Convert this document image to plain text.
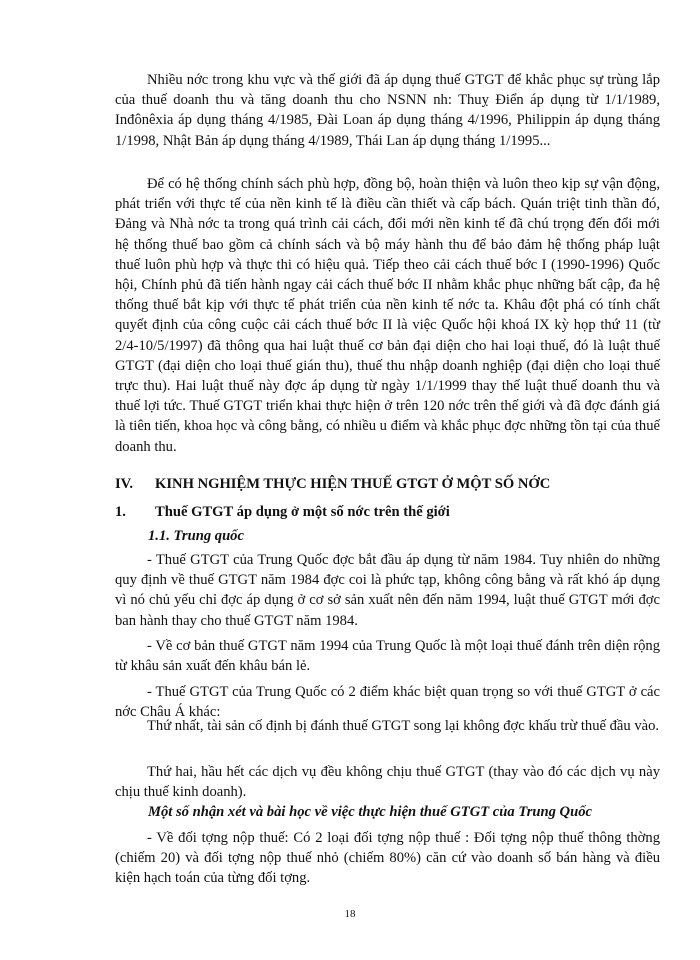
Nhiều nớc trong khu vực và thế giới đã áp dụng thuế GTGT để khắc phục sự trùng lắp của thuế doanh thu và tăng doanh thu cho NSNN nh: Thuỵ Điển áp dụng từ 1/1/1989, Inđônêxia áp dụng tháng 4/1985, Đài Loan áp dụng tháng 4/1996, Philippin áp dụng tháng 1/1998, Nhật Bản áp dụng tháng 4/1989, Thái Lan áp dụng tháng 1/1995...

Để có hệ thống chính sách phù hợp, đồng bộ, hoàn thiện và luôn theo kịp sự vận động, phát triển với thực tế của nền kinh tế là điều cần thiết và cấp bách. Quán triệt tinh thần đó, Đảng và Nhà nớc ta trong quá trình cải cách, đổi mới nền kinh tế đã chú trọng đến đổi mới hệ thống thuế bao gồm cả chính sách và bộ máy hành thu để bảo đảm hệ thống pháp luật thuế luôn phù hợp và thực thi có hiệu quả. Tiếp theo cải cách thuế bớc I (1990-1996) Quốc hội, Chính phủ đã tiến hành ngay cải cách thuế bớc II nhằm khắc phục những bất cập, đa hệ thống thuế bắt kịp với thực tế phát triển của nền kinh tế nớc ta. Khâu đột phá có tính chất quyết định của công cuộc cải cách thuế bớc II là việc Quốc hội khoá IX kỳ họp thứ 11 (từ 2/4-10/5/1997) đã thông qua hai luật thuế cơ bản đại diện cho hai loại thuế, đó là luật thuế GTGT (đại diện cho loại thuế gián thu), thuế thu nhập doanh nghiệp (đại diện cho loại thuế trực thu). Hai luật thuế này đợc áp dụng từ ngày 1/1/1999 thay thế luật thuế doanh thu và thuế lợi tức. Thuế GTGT triển khai thực hiện ở trên 120 nớc trên thế giới và đã đợc đánh giá là tiên tiến, khoa học và công bằng, có nhiều u điểm và khắc phục đợc những tồn tại của thuế doanh thu.

IV. KINH NGHIỆM THỰC HIỆN THUẾ GTGT Ở MỘT SỐ NỚC

1. Thuế GTGT áp dụng ở một số nớc trên thế giới

1.1. Trung quốc

- Thuế GTGT của Trung Quốc đợc bắt đầu áp dụng từ năm 1984. Tuy nhiên do những quy định về thuế GTGT năm 1984 đợc coi là phức tạp, không công bằng và rất khó áp dụng vì nó chủ yếu chỉ đợc áp dụng ở cơ sở sản xuất nên đến năm 1994, luật thuế GTGT mới đợc ban hành thay cho thuế GTGT năm 1984.

- Về cơ bản thuế GTGT năm 1994 của Trung Quốc là một loại thuế đánh trên diện rộng từ khâu sản xuất đến khâu bán lẻ.

- Thuế GTGT của Trung Quốc có 2 điểm khác biệt quan trọng so với thuế GTGT ở các nớc Châu Á khác:

Thứ nhất, tài sản cố định bị đánh thuế GTGT song lại không đợc khấu trừ thuế đầu vào.

Thứ hai, hầu hết các dịch vụ đều không chịu thuế GTGT (thay vào đó các dịch vụ này chịu thuế kinh doanh).

Một số nhận xét và bài học về việc thực hiện thuế GTGT của Trung Quốc

- Về đối tợng nộp thuế: Có 2 loại đối tợng nộp thuế : Đối tợng nộp thuế thông thờng (chiếm 20) và đối tợng nộp thuế nhỏ (chiếm 80%) căn cứ vào doanh số bán hàng và điều kiện hạch toán của từng đối tợng.

18
